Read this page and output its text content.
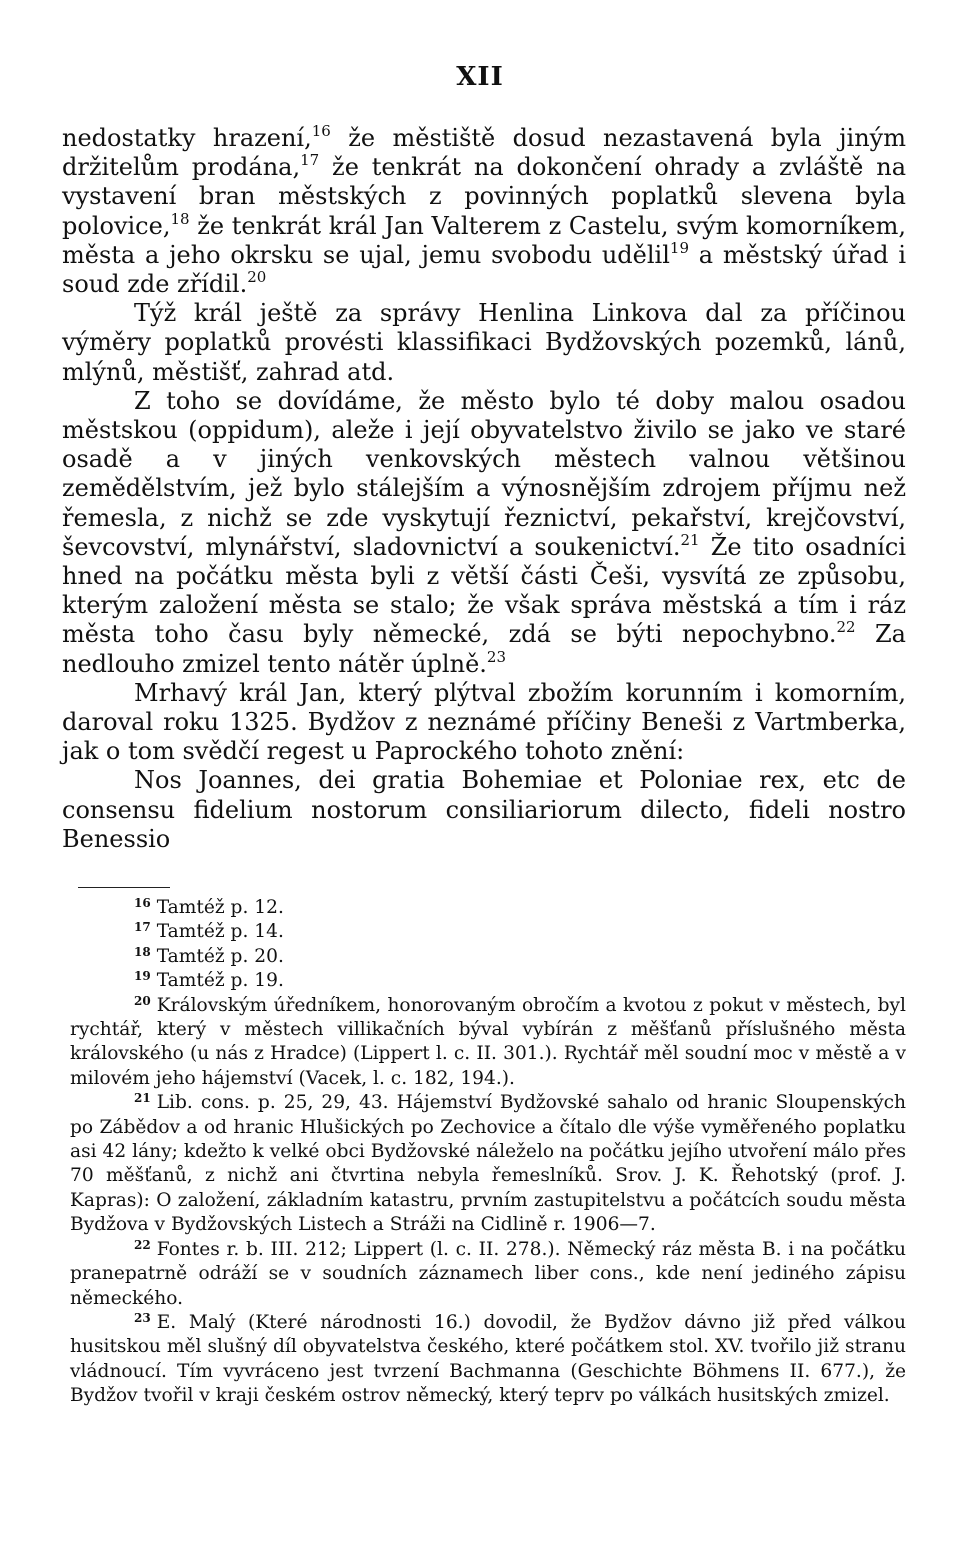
XII

nedostatky hrazení,$^{16}$ že městiště dosud nezastavená byla jiným držitelům prodána,$^{17}$ že tenkrát na dokončení ohrady a zvláště na vystavení bran městských z povinných poplatků slevena byla polovice,$^{18}$ že tenkrát král Jan Valterem z Castelu, svým komorníkem, města a jeho okrsku se ujal, jemu svobodu udělil$^{19}$ a městský úřad i soud zde zřídil.$^{20}$

Týž král ještě za správy Henlina Linkova dal za příčinou výměry poplatků provésti klassifikaci Bydžovských pozemků, lánů, mlýnů, městišť, zahrad atd.

Z toho se dovídáme, že město bylo té doby malou osadou městskou (oppidum), aleže i její obyvatelstvo živilo se jako ve staré osadě a v jiných venkovských městech valnou většinou zemědělstvím, jež bylo stálejším a výnosnějším zdrojem příjmu než řemesla, z nichž se zde vyskytují řeznictví, pekařství, krejčovství, ševcovství, mlynářství, sladovnictví a soukenictví.$^{21}$ Že tito osadníci hned na počátku města byli z větší části Češi, vysvítá ze způsobu, kterým založení města se stalo; že však správa městská a tím i ráz města toho času byly německé, zdá se býti nepochybno.$^{22}$ Za nedlouho zmizel tento nátěr úplně.$^{23}$

Mrhavý král Jan, který plýtval zbožím korunním i komorním, daroval roku 1325. Bydžov z neznámé příčiny Beneši z Vartmberka, jak o tom svědčí regest u Paprockého tohoto znění:

Nos Joannes, dei gratia Bohemiae et Poloniae rex, etc de consensu fidelium nostorum consiliariorum dilecto, fideli nostro Benessio

$^{16}$ Tamtéž p. 12.

$^{17}$ Tamtéž p. 14.

$^{18}$ Tamtéž p. 20.

$^{19}$ Tamtéž p. 19.

$^{20}$ Královským úředníkem, honorovaným obročím a kvotou z pokut v městech, byl rychtář, který v městech villikačních býval vybírán z měšťanů příslušného města královského (u nás z Hradce) (Lippert l. c. II. 301.). Rychtář měl soudní moc v městě a v milovém jeho hájemství (Vacek, l. c. 182, 194.).

$^{21}$ Lib. cons. p. 25, 29, 43. Hájemství Bydžovské sahalo od hranic Sloupenských po Zábědov a od hranic Hlušických po Zechovice a čítalo dle výše vyměřeného poplatku asi 42 lány; kdežto k velké obci Bydžovské náleželo na počátku jejího utvoření málo přes 70 měšťanů, z nichž ani čtvrtina nebyla řemeslníků. Srov. J. K. Řehotský (prof. J. Kapras): O založení, základním katastru, prvním zastupitelstvu a počátcích soudu města Bydžova v Bydžovských Listech a Stráži na Cidlině r. 1906—7.

$^{22}$ Fontes r. b. III. 212; Lippert (l. c. II. 278.). Německý ráz města B. i na počátku pranepatrně odráží se v soudních záznamech liber cons., kde není jediného zápisu německého.

$^{23}$ E. Malý (Které národnosti 16.) dovodil, že Bydžov dávno již před válkou husitskou měl slušný díl obyvatelstva českého, které počátkem stol. XV. tvořilo již stranu vládnoucí. Tím vyvráceno jest tvrzení Bachmanna (Geschichte Böhmens II. 677.), že Bydžov tvořil v kraji českém ostrov německý, který teprv po válkách husitských zmizel.
